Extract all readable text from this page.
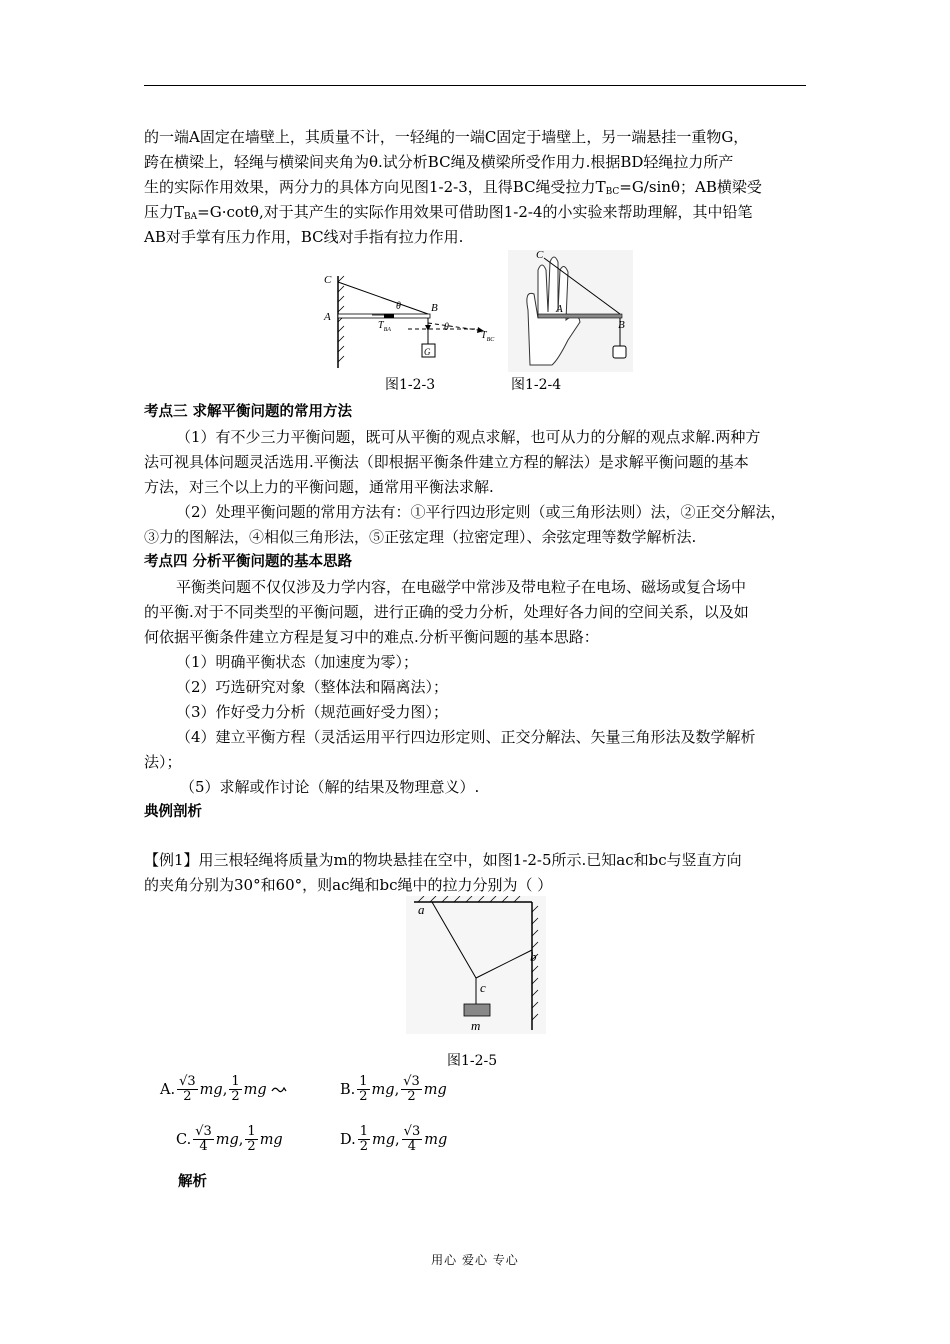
的一端A固定在墙壁上，其质量不计，一轻绳的一端C固定于墙壁上，另一端悬挂一重物G，
跨在横梁上，轻绳与横梁间夹角为θ.试分析BC绳及横梁所受作用力.根据BD轻绳拉力所产
生的实际作用效果，两分力的具体方向见图1-2-3，且得BC绳受拉力$T_{BC}=G$/sinθ；AB横梁受
压力$T_{BA}=G\cdot\cot\theta$,对于其产生的实际作用效果可借助图1-2-4的小实验来帮助理解，其中铅笔
AB对手掌有压力作用，BC线对手指有拉力作用.
C
A
B
θ
θ
$T_{BA}$	$T_{BC}$
G
C
A
B
图1-2-3	图1-2-4
考点三 求解平衡问题的常用方法
（1）有不少三力平衡问题，既可从平衡的观点求解，也可从力的分解的观点求解.两种方
法可视具体问题灵活选用.平衡法（即根据平衡条件建立方程的解法）是求解平衡问题的基本
方法，对三个以上力的平衡问题，通常用平衡法求解.
（2）处理平衡问题的常用方法有：①平行四边形定则（或三角形法则）法，②正交分解法，
③力的图解法，④相似三角形法，⑤正弦定理（拉密定理）、余弦定理等数学解析法.
考点四 分析平衡问题的基本思路
平衡类问题不仅仅涉及力学内容，在电磁学中常涉及带电粒子在电场、磁场或复合场中
的平衡.对于不同类型的平衡问题，进行正确的受力分析，处理好各力间的空间关系，以及如
何依据平衡条件建立方程是复习中的难点.分析平衡问题的基本思路：
（1）明确平衡状态（加速度为零）；
（2）巧选研究对象（整体法和隔离法）；
（3）作好受力分析（规范画好受力图）；
（4）建立平衡方程（灵活运用平行四边形定则、正交分解法、矢量三角形法及数学解析
法）；
（5）求解或作讨论（解的结果及物理意义）.
典例剖析
【例1】用三根轻绳将质量为m的物块悬挂在空中，如图1-2-5所示.已知ac和bc与竖直方向
的夹角分别为30°和60°，则ac绳和bc绳中的拉力分别为（ ）
a
b
c
m
图1-2-5
A. $\frac{√3}{2}$ mg , $\frac{1}{2}$ mg	B. $\frac{1}{2}$ mg , $\frac{√3}{2}$ mg
C. $\frac{√3}{4}$ mg , $\frac{1}{2}$ mg	D. $\frac{1}{2}$ mg , $\frac{√3}{4}$ mg
解析
用心 爱心 专心
